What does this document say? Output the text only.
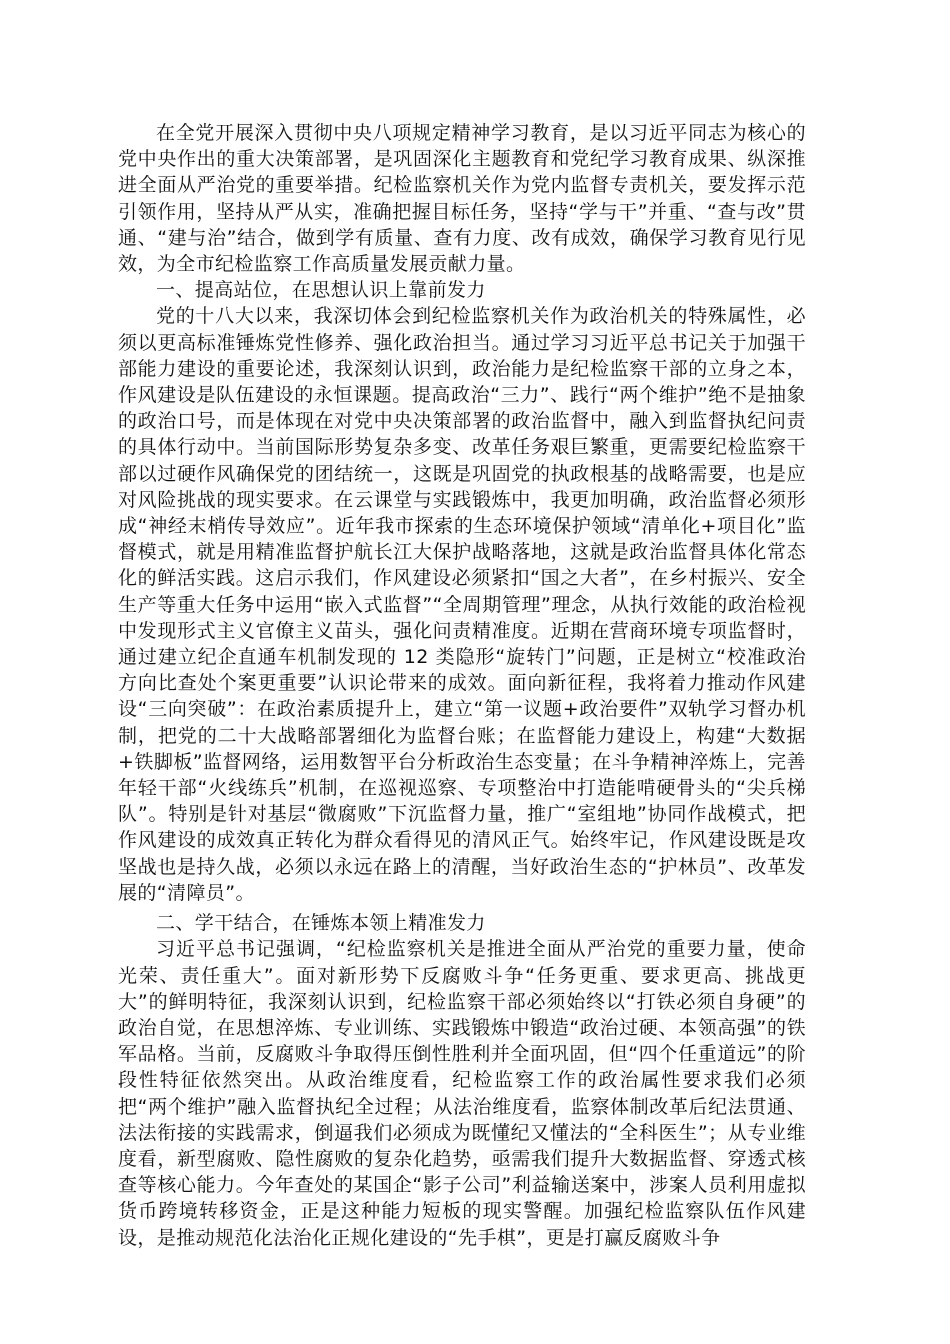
在全党开展深入贯彻中央八项规定精神学习教育，是以习近平同志为核心的党中央作出的重大决策部署，是巩固深化主题教育和党纪学习教育成果、纵深推进全面从严治党的重要举措。纪检监察机关作为党内监督专责机关，要发挥示范引领作用，坚持从严从实，准确把握目标任务，坚持“学与干”并重、“查与改”贯通、“建与治”结合，做到学有质量、查有力度、改有成效，确保学习教育见行见效，为全市纪检监察工作高质量发展贡献力量。

一、提高站位，在思想认识上靠前发力

党的十八大以来，我深切体会到纪检监察机关作为政治机关的特殊属性，必须以更高标准锤炼党性修养、强化政治担当。通过学习习近平总书记关于加强干部能力建设的重要论述，我深刻认识到，政治能力是纪检监察干部的立身之本，作风建设是队伍建设的永恒课题。提高政治“三力”、践行“两个维护”绝不是抽象的政治口号，而是体现在对党中央决策部署的政治监督中，融入到监督执纪问责的具体行动中。当前国际形势复杂多变、改革任务艰巨繁重，更需要纪检监察干部以过硬作风确保党的团结统一，这既是巩固党的执政根基的战略需要，也是应对风险挑战的现实要求。在云课堂与实践锻炼中，我更加明确，政治监督必须形成“神经末梢传导效应”。近年我市探索的生态环境保护领域“清单化+项目化”监督模式，就是用精准监督护航长江大保护战略落地，这就是政治监督具体化常态化的鲜活实践。这启示我们，作风建设必须紧扣“国之大者”，在乡村振兴、安全生产等重大任务中运用“嵌入式监督”“全周期管理”理念，从执行效能的政治检视中发现形式主义官僚主义苗头，强化问责精准度。近期在营商环境专项监督时，通过建立纪企直通车机制发现的 12 类隐形“旋转门”问题，正是树立“校准政治方向比查处个案更重要”认识论带来的成效。面向新征程，我将着力推动作风建设“三向突破”：在政治素质提升上，建立“第一议题+政治要件”双轨学习督办机制，把党的二十大战略部署细化为监督台账；在监督能力建设上，构建“大数据+铁脚板”监督网络，运用数智平台分析政治生态变量；在斗争精神淬炼上，完善年轻干部“火线练兵”机制，在巡视巡察、专项整治中打造能啃硬骨头的“尖兵梯队”。特别是针对基层“微腐败”下沉监督力量，推广“室组地”协同作战模式，把作风建设的成效真正转化为群众看得见的清风正气。始终牢记，作风建设既是攻坚战也是持久战，必须以永远在路上的清醒，当好政治生态的“护林员”、改革发展的“清障员”。

二、学干结合，在锤炼本领上精准发力

习近平总书记强调，“纪检监察机关是推进全面从严治党的重要力量，使命光荣、责任重大”。面对新形势下反腐败斗争“任务更重、要求更高、挑战更大”的鲜明特征，我深刻认识到，纪检监察干部必须始终以“打铁必须自身硬”的政治自觉，在思想淬炼、专业训练、实践锻炼中锻造“政治过硬、本领高强”的铁军品格。当前，反腐败斗争取得压倒性胜利并全面巩固，但“四个任重道远”的阶段性特征依然突出。从政治维度看，纪检监察工作的政治属性要求我们必须把“两个维护”融入监督执纪全过程；从法治维度看，监察体制改革后纪法贯通、法法衔接的实践需求，倒逼我们必须成为既懂纪又懂法的“全科医生”；从专业维度看，新型腐败、隐性腐败的复杂化趋势，亟需我们提升大数据监督、穿透式核查等核心能力。今年查处的某国企“影子公司”利益输送案中，涉案人员利用虚拟货币跨境转移资金，正是这种能力短板的现实警醒。加强纪检监察队伍作风建设，是推动规范化法治化正规化建设的“先手棋”，更是打赢反腐败斗争
